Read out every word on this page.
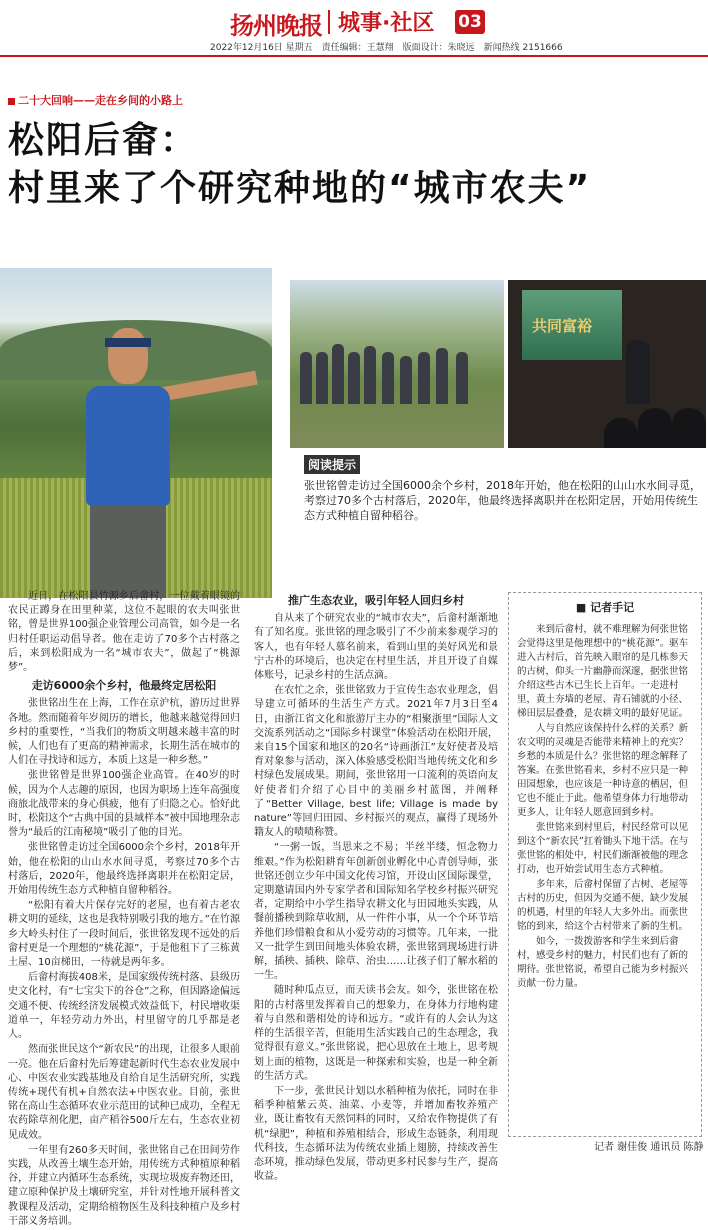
扬州晚报 城事·社区 03
2022年12月16日 星期五　责任编辑：王慧翔　版面设计：朱晓远　新闻热线 2151666
二十大回响——走在乡间的小路上
松阳后畲：
村里来了个研究种地的“城市农夫”
共同富裕
阅读提示

张世铭曾走访过全国6000余个乡村，2018年开始，他在松阳的山山水水间寻觅，考察过70多个古村落后，2020年，他最终选择离职并在松阳定居，开始用传统生态方式种植自留种稻谷。

近日，在松阳县竹源乡后畲村，一位戴着眼镜的农民正蹲身在田里种菜，这位不起眼的农夫叫张世铭，曾是世界100强企业管理公司高管，如今是一名归村任职运动倡导者。他在走访了70多个古村落之后，来到松阳成为一名“城市农夫”，做起了“桃源梦”。

走访6000余个乡村，他最终定居松阳

张世铭出生在上海，工作在京沪杭，游历过世界各地。然而随着年岁阅历的增长，他越来越觉得回归乡村的重要性，“当我们的物质文明越来越丰富的时候，人们也有了更高的精神需求，长期生活在城市的人们在寻找诗和远方，本质上这是一种乡愁。”

张世铭曾是世界100强企业高管。在40岁的时候，因为个人志趣的原因，也因为职场上连年高强度商旅北战带来的身心俱疲，他有了归隐之心。恰好此时，松阳这个“古典中国的县域样本”被中国地理杂志誉为“最后的江南秘境”吸引了他的目光。

张世铭曾走访过全国6000余个乡村，2018年开始，他在松阳的山山水水间寻觅，考察过70多个古村落后，2020年，他最终选择离职并在松阳定居，开始用传统生态方式种植自留种稻谷。

“松阳有着大片保存完好的老屋，也有着古老农耕文明的延续，这也是我特别吸引我的地方。”在竹源乡大岭头村住了一段时间后，张世铭发现不远处的后畲村更是一个理想的“桃花源”，于是他租下了三栋黄土屋、10亩梯田，一待就是两年多。

后畲村海拔408米，是国家级传统村落、县级历史文化村，有“七宝尖下的谷仓”之称，但因路途偏远交通不便、传统经济发展模式效益低下，村民增收渠道单一，年轻劳动力外出，村里留守的几乎都是老人。

然而张世民这个“新农民”的出现，让很多人眼前一亮。他在后畲村先后筹建起新时代生态农业发展中心、中医农业实践基地及自给自足生活研究所，实践传统+现代有机+自然农法+中医农业。目前，张世铭在高山生态循环农业示范田的试种已成功，全程无农药除草剂化肥，亩产稻谷500斤左右，生态农业初见成效。

一年里有260多天时间，张世铭自己在田间劳作实践，从改善土壤生态开始，用传统方式种植原种稻谷，并建立内循环生态系统，实现垃圾废弃物还田，建立原种保护及土壤研究室，并针对性地开展科普文教课程及活动，定期给植物医生及科技种植户及乡村干部义务培训。

推广生态农业，吸引年轻人回归乡村

自从来了个研究农业的“城市农夫”，后畲村渐渐地有了知名度。张世铭的理念吸引了不少前来参观学习的客人，也有年轻人慕名前来，看到山里的美好风光和景宁古朴的环境后，也决定在村里生活，并且开设了自媒体账号，记录乡村的生活点滴。

在农忙之余，张世铭致力于宣传生态农业理念，倡导建立可循环的生活生产方式。2021年7月3日至4日，由浙江省文化和旅游厅主办的“相聚浙里”国际人文交流系列活动之“国际乡村课堂”体验活动在松阳开展，来自15个国家和地区的20名“诗画浙江”友好使者及培育对象参与活动，深入体验感受松阳当地传统文化和乡村绿色发展成果。期间，张世铭用一口流利的英语向友好使者们介绍了心目中的美丽乡村蓝图，并阐释了“Better Village, best life; Village is made by nature”等回归田园、乡村振兴的观点，赢得了现场外籍友人的啧啧称赞。

“一粥一饭，当思来之不易；半丝半缕，恒念物力维艰。”作为松阳耕育年创新创业孵化中心青创导师，张世铭还创立少年中国文化传习馆，开设山区国际课堂，定期邀请国内外专家学者和国际知名学校乡村振兴研究者，定期给中小学生指导农耕文化与田园地头实践，从餐前播秧到除草收割，从一件件小事，从一个个环节培养他们珍惜粮食和从小爱劳动的习惯等。几年来，一批又一批学生到田间地头体验农耕，张世铭到现场进行讲解，插秧、插秧、除草、治虫……让孩子们了解水稻的一生。

随时种瓜点豆，而天读书会友。如今，张世铭在松阳的古村落里发挥着自己的想象力，在身体力行地构建着与自然和谐相处的诗和远方。“或许有的人会认为这样的生活很辛苦，但能用生活实践自己的生态理念，我觉得很有意义。”张世铭说，把心思放在土地上，思考规划上面的植物，这既是一种探索和实验，也是一种全新的生活方式。

下一步，张世民计划以水稻种植为依托，同时在非稻季种植紫云英、油菜、小麦等，并增加畜牧养殖产业，既让畜牧有天然饲料的同时，又给农作物提供了有机“绿肥”，种植和养殖相结合，形成生态链条，利用现代科技，生态循环法为传统农业插上翅膀，持续改善生态环境，推动绿色发展，带动更多村民参与生产，提高收益。

■ 记者手记

来到后畲村，就不难理解为何张世铭会觉得这里是他理想中的“桃花源”。驱车进入古村后，首先映入眼帘的是几栋参天的古树，仰头一片幽静而深邃，据张世铭介绍这些古木已生长上百年。一走进村里，黄土夯墙的老屋、青石铺就的小径、梯田层层叠叠，是农耕文明的最好见证。

人与自然应该保持什么样的关系？新农文明的灵魂是否能带来精神上的充实？乡愁的本质是什么？张世铭的理念解释了答案。在张世铭看来，乡村不应只是一种田园想象，也应该是一种诗意的栖居，但它也不能止于此。他希望身体力行地带动更多人，让年轻人愿意回到乡村。

张世铭来到村里后，村民经常可以见到这个“新农民”扛着锄头下地干活。在与张世铭的相处中，村民们渐渐被他的理念打动，也开始尝试用生态方式种植。

多年来，后畲村保留了古树、老屋等古村的历史，但因为交通不便、缺少发展的机遇，村里的年轻人大多外出。而张世铭的到来，给这个古村带来了新的生机。

如今，一拨拨游客和学生来到后畲村，感受乡村的魅力，村民们也有了新的期待。张世铭说，希望自己能为乡村振兴贡献一份力量。

记者 谢佳俊 通讯员 陈静
